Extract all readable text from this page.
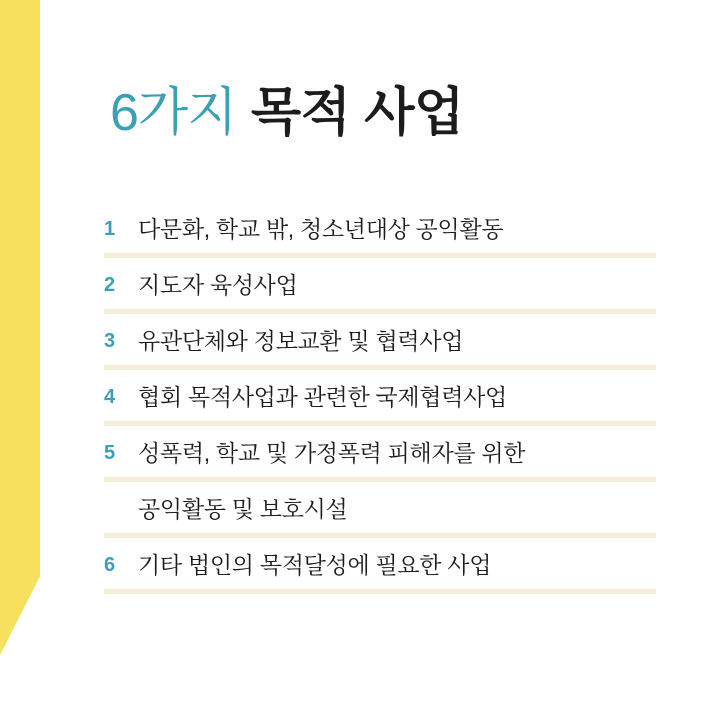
6가지 목적 사업
1 다문화, 학교 밖, 청소년대상 공익활동
2 지도자 육성사업
3 유관단체와 정보교환 및 협력사업
4 협회 목적사업과 관련한 국제협력사업
5 성폭력, 학교 및 가정폭력 피해자를 위한
공익활동 및 보호시설
6 기타 법인의 목적달성에 필요한 사업
